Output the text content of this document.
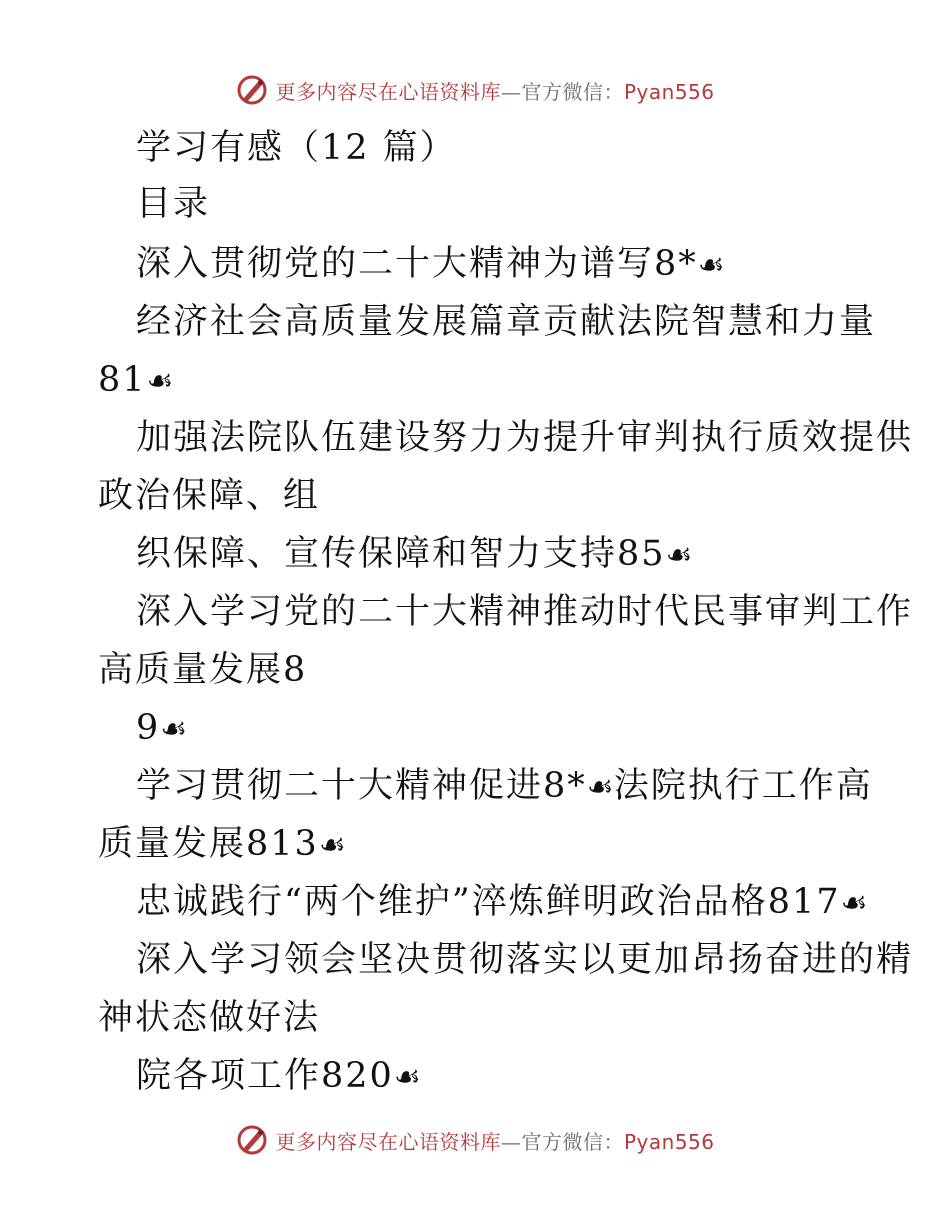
更多内容尽在心语资料库—官方微信：Pyan556
学习有感（12 篇）
目录
深入贯彻党的二十大精神为谱写8*☙
经济社会高质量发展篇章贡献法院智慧和力量
81☙
加强法院队伍建设努力为提升审判执行质效提供
政治保障、组
织保障、宣传保障和智力支持85☙
深入学习党的二十大精神推动时代民事审判工作
高质量发展8
9☙
学习贯彻二十大精神促进8*☙法院执行工作高
质量发展813☙
忠诚践行“两个维护”淬炼鲜明政治品格817☙
深入学习领会坚决贯彻落实以更加昂扬奋进的精
神状态做好法
院各项工作820☙
更多内容尽在心语资料库—官方微信：Pyan556
